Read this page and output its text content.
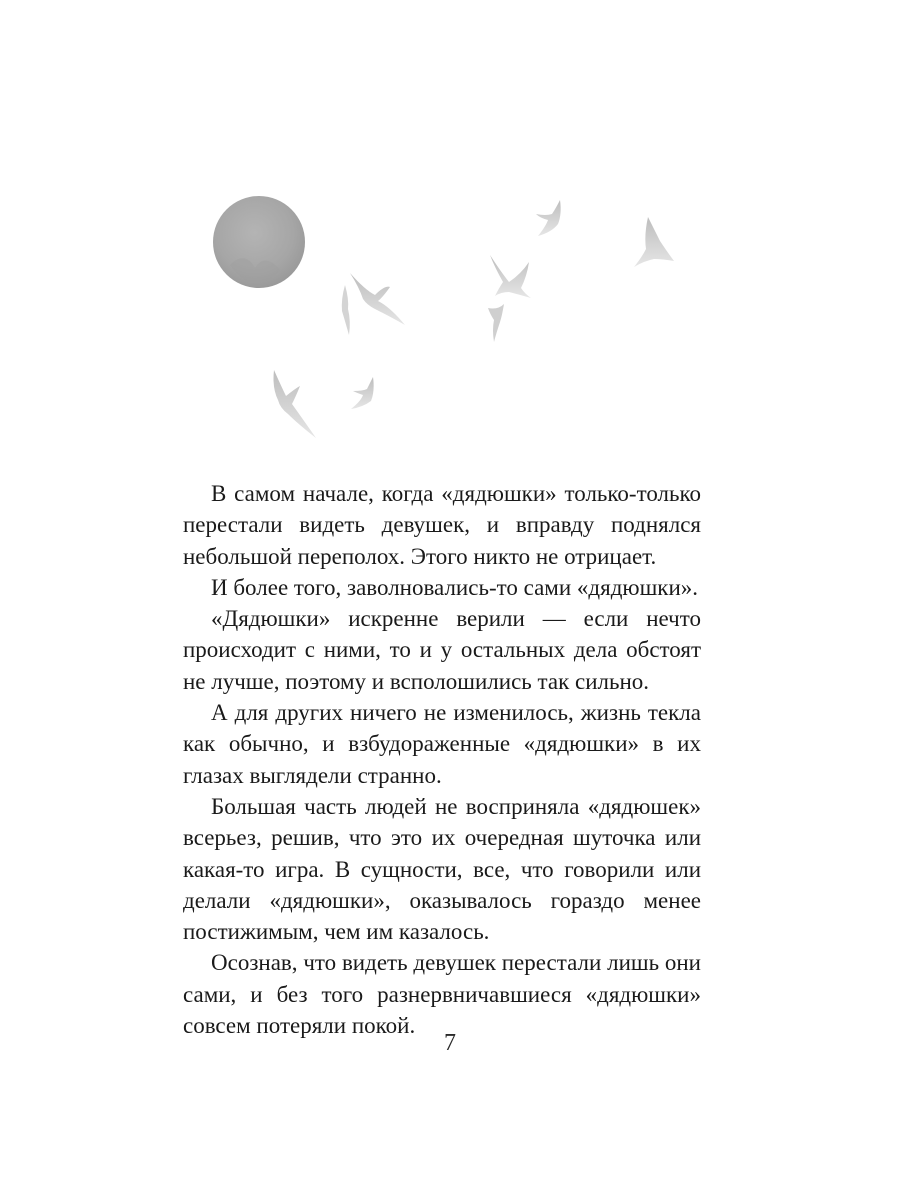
В самом начале, когда «дядюшки» только-только перестали видеть девушек, и вправду поднялся небольшой переполох. Этого никто не отрицает.

И более того, заволновались-то сами «дядюшки».

«Дядюшки» искренне верили — если нечто происходит с ними, то и у остальных дела обстоят не лучше, поэтому и всполошились так сильно.

А для других ничего не изменилось, жизнь текла как обычно, и взбудораженные «дядюшки» в их глазах выглядели странно.

Большая часть людей не восприняла «дядюшек» всерьез, решив, что это их очередная шуточка или какая-то игра. В сущности, все, что говорили или делали «дядюшки», оказывалось гораздо менее постижимым, чем им казалось.

Осознав, что видеть девушек перестали лишь они сами, и без того разнервничавшиеся «дядюшки» совсем потеряли покой.

7
